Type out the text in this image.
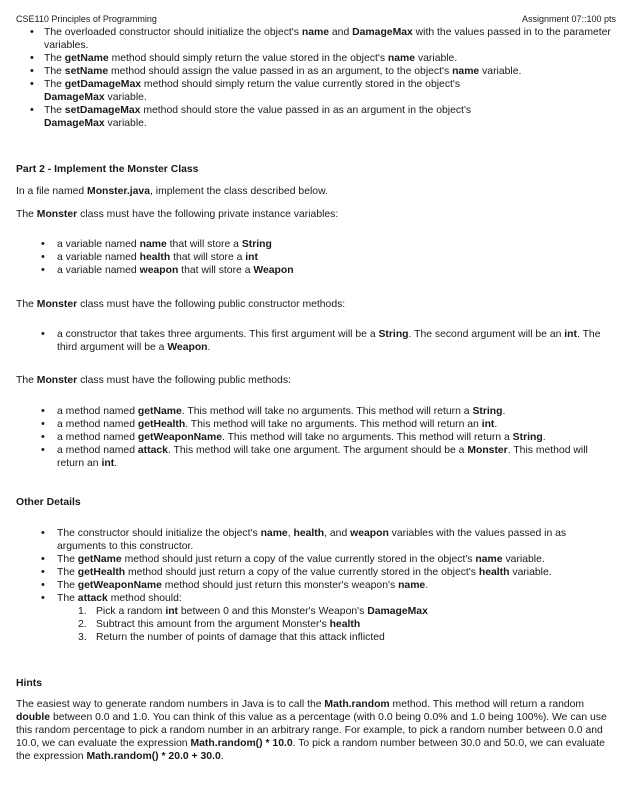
CSE110 Principles of Programming	Assignment 07::100 pts
• The overloaded constructor should initialize the object's name and DamageMax with the values passed in to the parameter variables.
• The getName method should simply return the value stored in the object's name variable.
• The setName method should assign the value passed in as an argument, to the object's name variable.
• The getDamageMax method should simply return the value currently stored in the object's DamageMax variable.
• The setDamageMax method should store the value passed in as an argument in the object's DamageMax variable.
Part 2 - Implement the Monster Class

In a file named Monster.java, implement the class described below.

The Monster class must have the following private instance variables:

• a variable named name that will store a String
• a variable named health that will store a int
• a variable named weapon that will store a Weapon

The Monster class must have the following public constructor methods:

• a constructor that takes three arguments. This first argument will be a String. The second argument will be an int. The third argument will be a Weapon.

The Monster class must have the following public methods:

• a method named getName. This method will take no arguments. This method will return a String.
• a method named getHealth. This method will take no arguments. This method will return an int.
• a method named getWeaponName. This method will take no arguments. This method will return a String.
• a method named attack. This method will take one argument. The argument should be a Monster. This method will return an int.
Other Details
• The constructor should initialize the object's name, health, and weapon variables with the values passed in as arguments to this constructor.
• The getName method should just return a copy of the value currently stored in the object's name variable.
• The getHealth method should just return a copy of the value currently stored in the object's health variable.
• The getWeaponName method should just return this monster's weapon's name.
• The attack method should:
1. Pick a random int between 0 and this Monster's Weapon's DamageMax
2. Subtract this amount from the argument Monster's health
3. Return the number of points of damage that this attack inflicted
Hints

The easiest way to generate random numbers in Java is to call the Math.random method. This method will return a random double between 0.0 and 1.0. You can think of this value as a percentage (with 0.0 being 0.0% and 1.0 being 100%). We can use this random percentage to pick a random number in an arbitrary range. For example, to pick a random number between 0.0 and 10.0, we can evaluate the expression Math.random() * 10.0. To pick a random number between 30.0 and 50.0, we can evaluate the expression Math.random() * 20.0 + 30.0.
